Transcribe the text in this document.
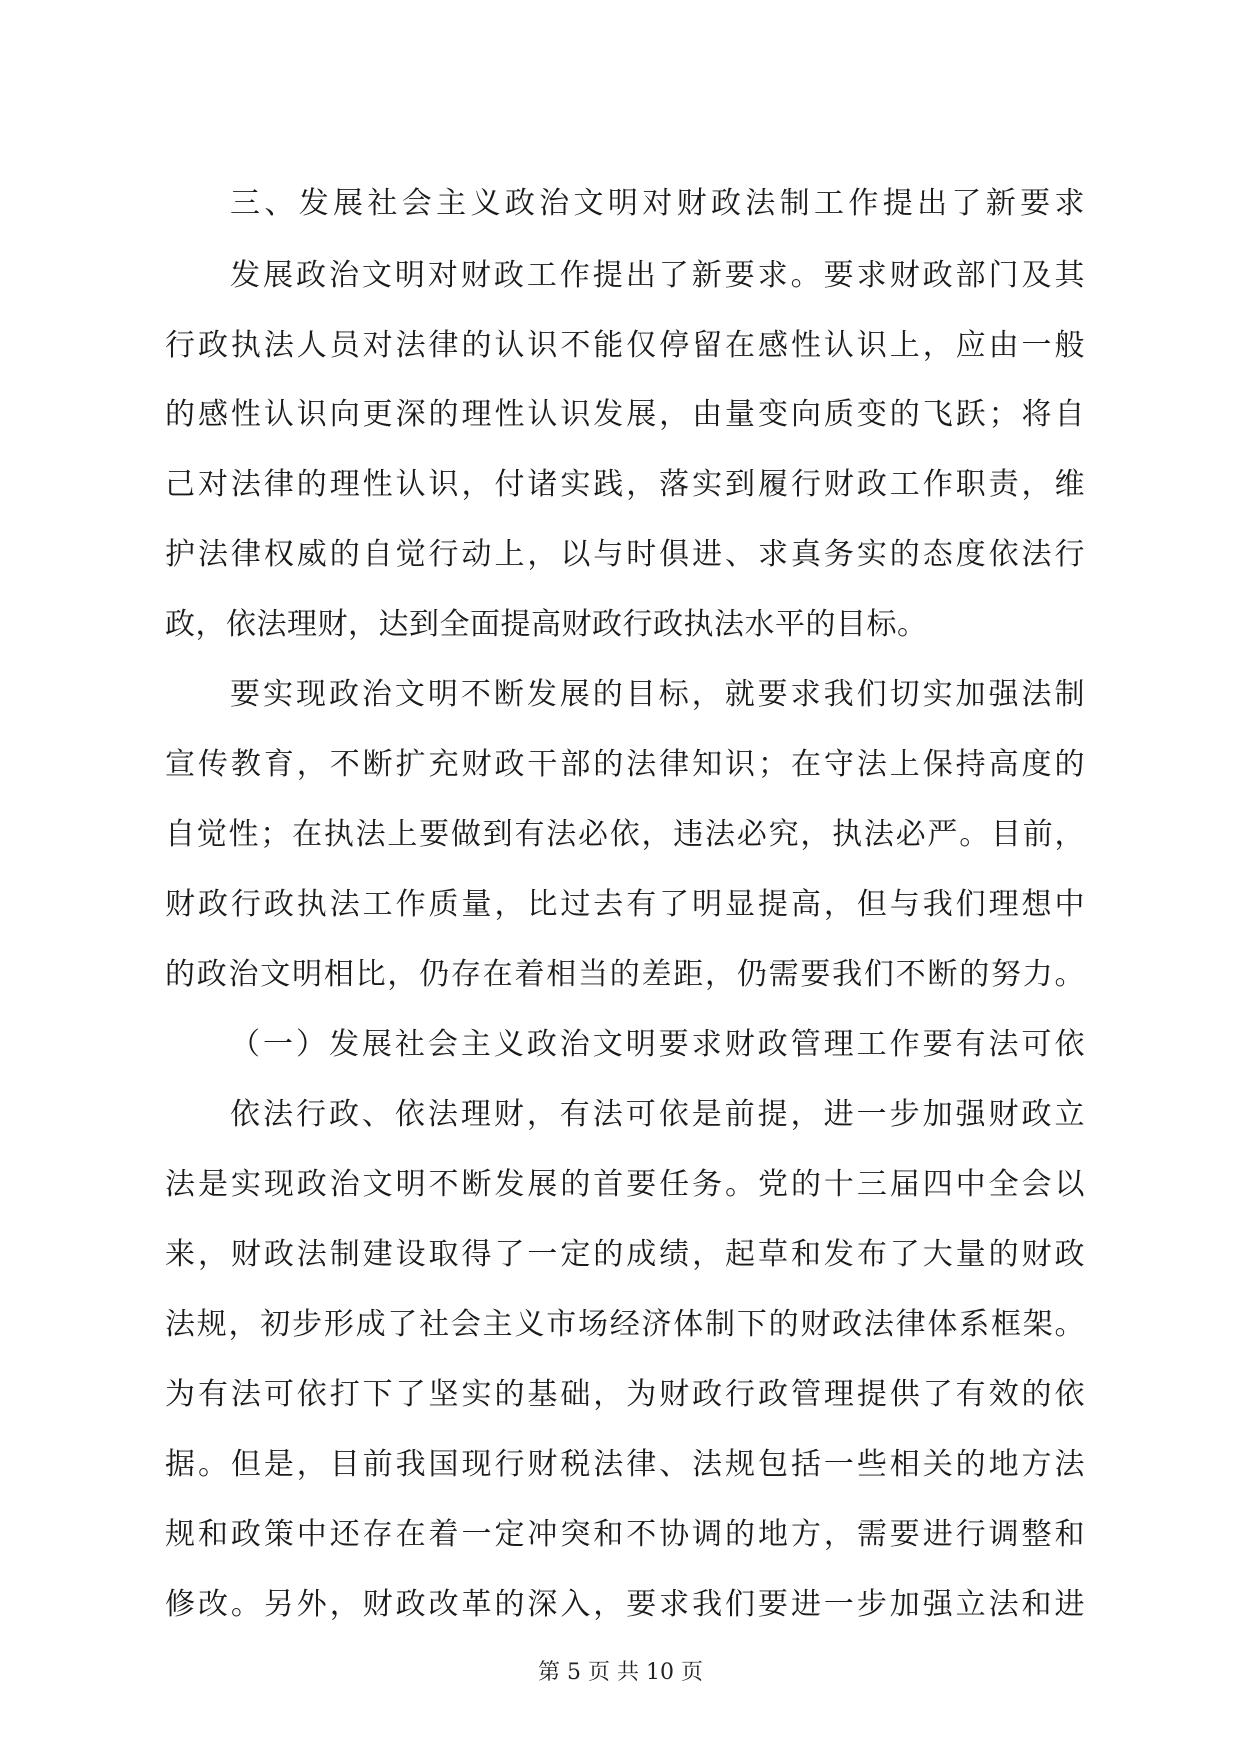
三、发展社会主义政治文明对财政法制工作提出了新要求
发展政治文明对财政工作提出了新要求。要求财政部门及其
行政执法人员对法律的认识不能仅停留在感性认识上，应由一般
的感性认识向更深的理性认识发展，由量变向质变的飞跃；将自
己对法律的理性认识，付诸实践，落实到履行财政工作职责，维
护法律权威的自觉行动上，以与时俱进、求真务实的态度依法行
政，依法理财，达到全面提高财政行政执法水平的目标。
要实现政治文明不断发展的目标，就要求我们切实加强法制
宣传教育，不断扩充财政干部的法律知识；在守法上保持高度的
自觉性；在执法上要做到有法必依，违法必究，执法必严。目前，
财政行政执法工作质量，比过去有了明显提高，但与我们理想中
的政治文明相比，仍存在着相当的差距，仍需要我们不断的努力。
（一）发展社会主义政治文明要求财政管理工作要有法可依
依法行政、依法理财，有法可依是前提，进一步加强财政立
法是实现政治文明不断发展的首要任务。党的十三届四中全会以
来，财政法制建设取得了一定的成绩，起草和发布了大量的财政
法规，初步形成了社会主义市场经济体制下的财政法律体系框架。
为有法可依打下了坚实的基础，为财政行政管理提供了有效的依
据。但是，目前我国现行财税法律、法规包括一些相关的地方法
规和政策中还存在着一定冲突和不协调的地方，需要进行调整和
修改。另外，财政改革的深入，要求我们要进一步加强立法和进
第 5 页 共 10 页
